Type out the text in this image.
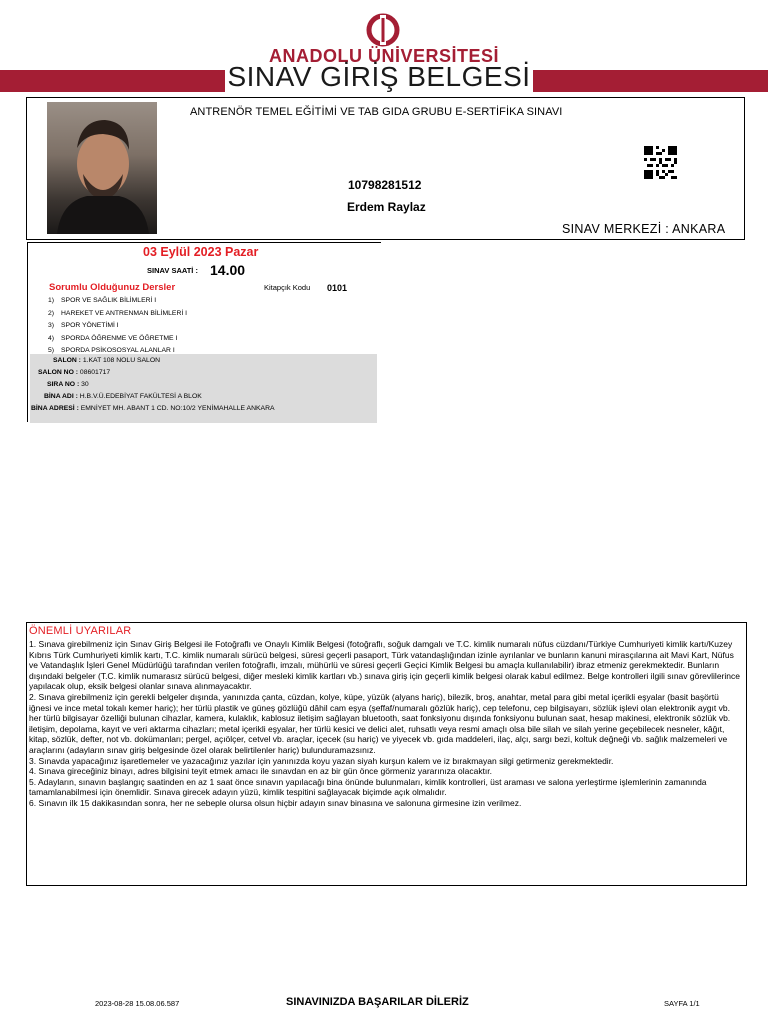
ANADOLU ÜNİVERSİTESİ
SINAV GİRİŞ BELGESİ
ANTRENÖR TEMEL EĞİTİMİ VE TAB GIDA GRUBU E-SERTİFİKA SINAVI
10798281512
Erdem Raylaz
SINAV MERKEZİ : ANKARA
03 Eylül 2023 Pazar
SINAV SAATİ : 14.00
Sorumlu Olduğunuz Dersler	Kitapçık Kodu 0101
1) SPOR VE SAĞLIK BİLİMLERİ I
2) HAREKET VE ANTRENMAN BİLİMLERİ I
3) SPOR YÖNETİMİ I
4) SPORDA ÖĞRENME VE ÖĞRETME I
5) SPORDA PSİKOSOSYAL ALANLAR I
SALON : 1.KAT 108 NOLU SALON
SALON NO : 08601717
SIRA NO : 30
BİNA ADI : H.B.V.Ü.EDEBİYAT FAKÜLTESİ A BLOK
BİNA ADRESİ : EMNİYET MH. ABANT 1 CD. NO:10/2 YENİMAHALLE ANKARA
ÖNEMLİ UYARILAR

1. Sınava girebilmeniz için Sınav Giriş Belgesi ile Fotoğraflı ve Onaylı Kimlik Belgesi (fotoğraflı, soğuk damgalı ve T.C. kimlik numaralı nüfus cüzdanı/Türkiye Cumhuriyeti kimlik kartı/Kuzey Kıbrıs Türk Cumhuriyeti kimlik kartı, T.C. kimlik numaralı sürücü belgesi, süresi geçerli pasaport, Türk vatandaşlığından izinle ayrılanlar ve bunların kanuni mirasçılarına ait Mavi Kart, Nüfus ve Vatandaşlık İşleri Genel Müdürlüğü tarafından verilen fotoğraflı, imzalı, mühürlü ve süresi geçerli Geçici Kimlik Belgesi bu amaçla kullanılabilir) ibraz etmeniz gerekmektedir. Bunların dışındaki belgeler (T.C. kimlik numarasız sürücü belgesi, diğer mesleki kimlik kartları vb.) sınava giriş için geçerli kimlik belgesi olarak kabul edilmez. Belge kontrolleri ilgili sınav görevlilerince yapılacak olup, eksik belgesi olanlar sınava alınmayacaktır.

2. Sınava girebilmeniz için gerekli belgeler dışında, yanınızda çanta, cüzdan, kolye, küpe, yüzük (alyans hariç), bilezik, broş, anahtar, metal para gibi metal içerikli eşyalar (basit başörtü iğnesi ve ince metal tokalı kemer hariç); her türlü plastik ve güneş gözlüğü dâhil cam eşya (şeffaf/numaralı gözlük hariç), cep telefonu, cep bilgisayarı, sözlük işlevi olan elektronik aygıt vb. her türlü bilgisayar özelliği bulunan cihazlar, kamera, kulaklık, kablosuz iletişim sağlayan bluetooth, saat fonksiyonu dışında fonksiyonu bulunan saat, hesap makinesi, elektronik sözlük vb. iletişim, depolama, kayıt ve veri aktarma cihazları; metal içerikli eşyalar, her türlü kesici ve delici alet, ruhsatlı veya resmi amaçlı olsa bile silah ve silah yerine geçebilecek nesneler, kâğıt, kitap, sözlük, defter, not vb. dokümanları; pergel, açıölçer, cetvel vb. araçlar, içecek (su hariç) ve yiyecek vb. gıda maddeleri, ilaç, alçı, sargı bezi, koltuk değneği vb. sağlık malzemeleri ve araçlarını (adayların sınav giriş belgesinde özel olarak belirtilenler hariç) bulunduramazsınız.

3. Sınavda yapacağınız işaretlemeler ve yazacağınız yazılar için yanınızda koyu yazan siyah kurşun kalem ve iz bırakmayan silgi getirmeniz gerekmektedir.

4. Sınava gireceğiniz binayı, adres bilgisini teyit etmek amacı ile sınavdan en az bir gün önce görmeniz yararınıza olacaktır.

5. Adayların, sınavın başlangıç saatinden en az 1 saat önce sınavın yapılacağı bina önünde bulunmaları, kimlik kontrolleri, üst araması ve salona yerleştirme işlemlerinin zamanında tamamlanabilmesi için önemlidir. Sınava girecek adayın yüzü, kimlik tespitini sağlayacak biçimde açık olmalıdır.

6. Sınavın ilk 15 dakikasından sonra, her ne sebeple olursa olsun hiçbir adayın sınav binasına ve salonuna girmesine izin verilmez.

2023-08-28 15.08.06.587	SINAVINIZDA BAŞARILAR DİLERİZ	SAYFA 1/1
